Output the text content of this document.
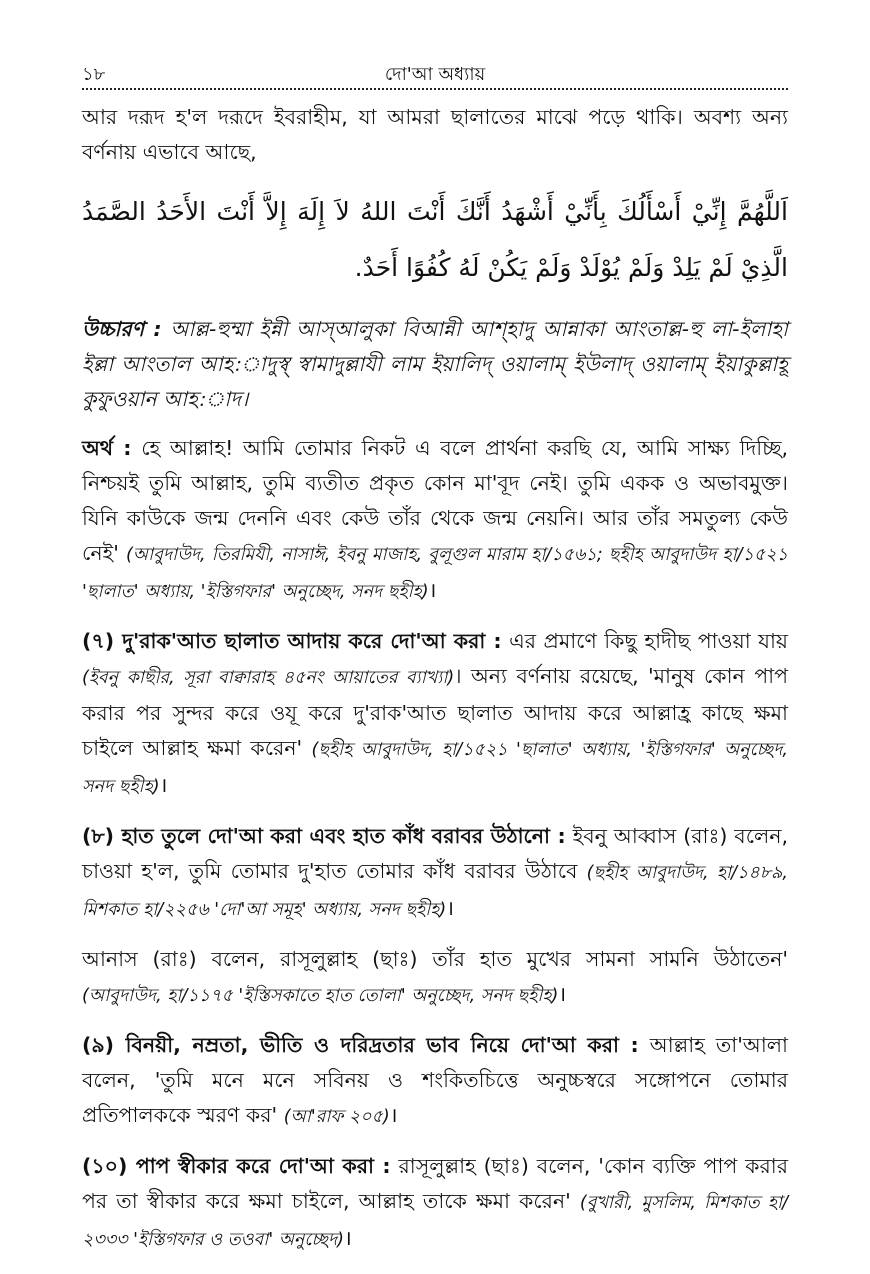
১৮	দো'আ অধ্যায়

আর দরূদ হ'ল দরূদে ইবরাহীম, যা আমরা ছালাতের মাঝে পড়ে থাকি। অবশ্য অন্য বর্ণনায় এভাবে আছে,

اَللَّهُمَّ إِنِّيْ أَسْأَلُكَ بِأَنِّيْ أَشْهَدُ أَنَّكَ أَنْتَ اللهُ لاَ إِلَهَ إِلاَّ أَنْتَ الأَحَدُ الصَّمَدُ الَّذِيْ لَمْ يَلِدْ وَلَمْ يُوْلَدْ وَلَمْ يَكُنْ لَهُ كُفُوًا أَحَدٌ.

উচ্চারণ : আল্ল-হুম্মা ইন্নী আস্আলুকা বিআন্নী আশ্হাদু আন্নাকা আংতাল্ল-হু লা-ইলাহা ইল্লা আংতাল আহ:াদুস্ব্ স্বামাদুল্লাযী লাম ইয়ালিদ্ ওয়ালাম্ ইউলাদ্ ওয়ালাম্ ইয়াকুল্লাহূ কুফুওয়ান আহ:াদ।

অর্থ : হে আল্লাহ! আমি তোমার নিকট এ বলে প্রার্থনা করছি যে, আমি সাক্ষ্য দিচ্ছি, নিশ্চয়ই তুমি আল্লাহ, তুমি ব্যতীত প্রকৃত কোন মা'বূদ নেই। তুমি একক ও অভাবমুক্ত। যিনি কাউকে জন্ম দেননি এবং কেউ তাঁর থেকে জন্ম নেয়নি। আর তাঁর সমতুল্য কেউ নেই' (আবুদাউদ, তিরমিযী, নাসাঈ, ইবনু মাজাহ, বুলূগুল মারাম হা/১৫৬১; ছহীহ আবুদাউদ হা/১৫২১ 'ছালাত' অধ্যায়, 'ইস্তিগফার' অনুচ্ছেদ, সনদ ছহীহ)।

(৭) দু'রাক'আত ছালাত আদায় করে দো'আ করা : এর প্রমাণে কিছু হাদীছ পাওয়া যায় (ইবনু কাছীর, সূরা বাক্বারাহ ৪৫নং আয়াতের ব্যাখ্যা)। অন্য বর্ণনায় রয়েছে, 'মানুষ কোন পাপ করার পর সুন্দর করে ওযূ করে দু'রাক'আত ছালাত আদায় করে আল্লাহ্র কাছে ক্ষমা চাইলে আল্লাহ ক্ষমা করেন' (ছহীহ আবুদাউদ, হা/১৫২১ 'ছালাত' অধ্যায়, 'ইস্তিগফার' অনুচ্ছেদ, সনদ ছহীহ)।

(৮) হাত তুলে দো'আ করা এবং হাত কাঁধ বরাবর উঠানো : ইবনু আব্বাস (রাঃ) বলেন, চাওয়া হ'ল, তুমি তোমার দু'হাত তোমার কাঁধ বরাবর উঠাবে (ছহীহ আবুদাউদ, হা/১৪৮৯, মিশকাত হা/২২৫৬ 'দো'আ সমূহ' অধ্যায়, সনদ ছহীহ)।

আনাস (রাঃ) বলেন, রাসূলুল্লাহ (ছাঃ) তাঁর হাত মুখের সামনা সামনি উঠাতেন' (আবুদাউদ, হা/১১৭৫ 'ইস্তিসকাতে হাত তোলা' অনুচ্ছেদ, সনদ ছহীহ)।

(৯) বিনয়ী, নম্রতা, ভীতি ও দরিদ্রতার ভাব নিয়ে দো'আ করা : আল্লাহ তা'আলা বলেন, 'তুমি মনে মনে সবিনয় ও শংকিতচিত্তে অনুচ্চস্বরে সঙ্গোপনে তোমার প্রতিপালককে স্মরণ কর' (আ'রাফ ২০৫)।

(১০) পাপ স্বীকার করে দো'আ করা : রাসূলুল্লাহ (ছাঃ) বলেন, 'কোন ব্যক্তি পাপ করার পর তা স্বীকার করে ক্ষমা চাইলে, আল্লাহ তাকে ক্ষমা করেন' (বুখারী, মুসলিম, মিশকাত হা/২৩৩৩ 'ইস্তিগফার ও তওবা' অনুচ্ছেদ)।
